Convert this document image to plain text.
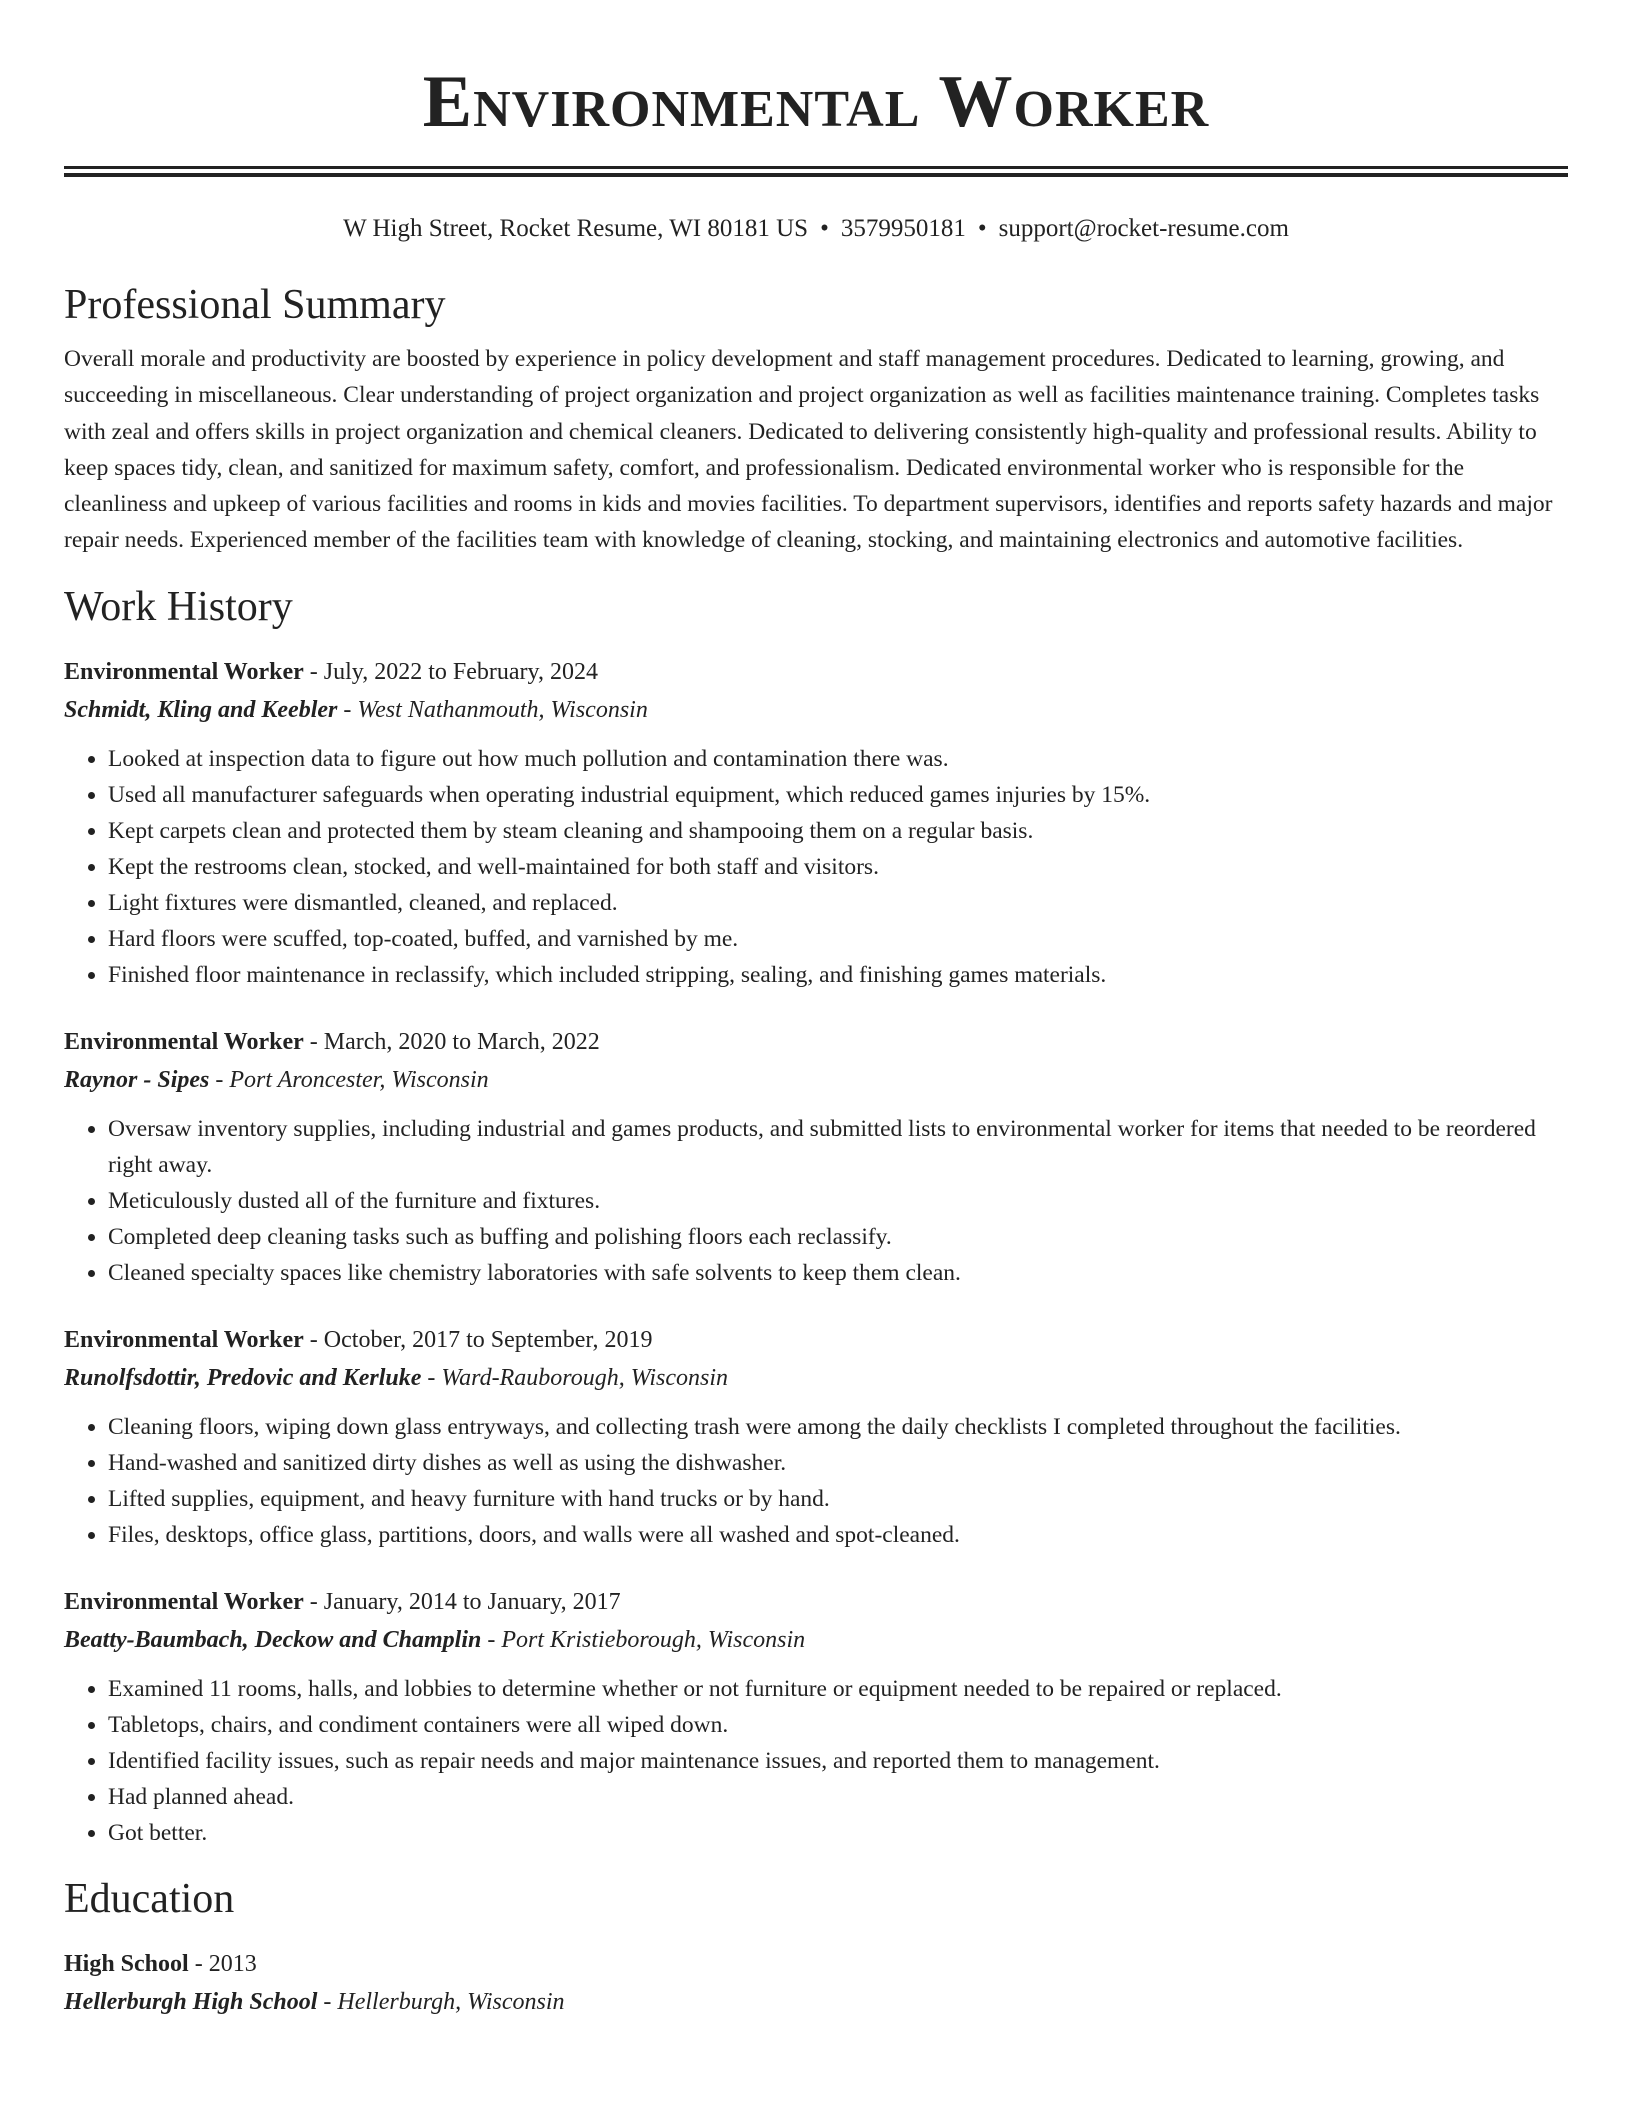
Environmental Worker
W High Street, Rocket Resume, WI 80181 US • 3579950181 • support@rocket-resume.com
Professional Summary

Overall morale and productivity are boosted by experience in policy development and staff management procedures. Dedicated to learning, growing, and succeeding in miscellaneous. Clear understanding of project organization and project organization as well as facilities maintenance training. Completes tasks with zeal and offers skills in project organization and chemical cleaners. Dedicated to delivering consistently high-quality and professional results. Ability to keep spaces tidy, clean, and sanitized for maximum safety, comfort, and professionalism. Dedicated environmental worker who is responsible for the cleanliness and upkeep of various facilities and rooms in kids and movies facilities. To department supervisors, identifies and reports safety hazards and major repair needs. Experienced member of the facilities team with knowledge of cleaning, stocking, and maintaining electronics and automotive facilities.

Work History
Environmental Worker - July, 2022 to February, 2024
Schmidt, Kling and Keebler - West Nathanmouth, Wisconsin
• Looked at inspection data to figure out how much pollution and contamination there was.
• Used all manufacturer safeguards when operating industrial equipment, which reduced games injuries by 15%.
• Kept carpets clean and protected them by steam cleaning and shampooing them on a regular basis.
• Kept the restrooms clean, stocked, and well-maintained for both staff and visitors.
• Light fixtures were dismantled, cleaned, and replaced.
• Hard floors were scuffed, top-coated, buffed, and varnished by me.
• Finished floor maintenance in reclassify, which included stripping, sealing, and finishing games materials.
Environmental Worker - March, 2020 to March, 2022
Raynor - Sipes - Port Aroncester, Wisconsin
• Oversaw inventory supplies, including industrial and games products, and submitted lists to environmental worker for items that needed to be reordered right away.
• Meticulously dusted all of the furniture and fixtures.
• Completed deep cleaning tasks such as buffing and polishing floors each reclassify.
• Cleaned specialty spaces like chemistry laboratories with safe solvents to keep them clean.
Environmental Worker - October, 2017 to September, 2019
Runolfsdottir, Predovic and Kerluke - Ward-Rauborough, Wisconsin
• Cleaning floors, wiping down glass entryways, and collecting trash were among the daily checklists I completed throughout the facilities.
• Hand-washed and sanitized dirty dishes as well as using the dishwasher.
• Lifted supplies, equipment, and heavy furniture with hand trucks or by hand.
• Files, desktops, office glass, partitions, doors, and walls were all washed and spot-cleaned.
Environmental Worker - January, 2014 to January, 2017
Beatty-Baumbach, Deckow and Champlin - Port Kristieborough, Wisconsin
• Examined 11 rooms, halls, and lobbies to determine whether or not furniture or equipment needed to be repaired or replaced.
• Tabletops, chairs, and condiment containers were all wiped down.
• Identified facility issues, such as repair needs and major maintenance issues, and reported them to management.
• Had planned ahead.
• Got better.
Education
High School - 2013
Hellerburgh High School - Hellerburgh, Wisconsin
